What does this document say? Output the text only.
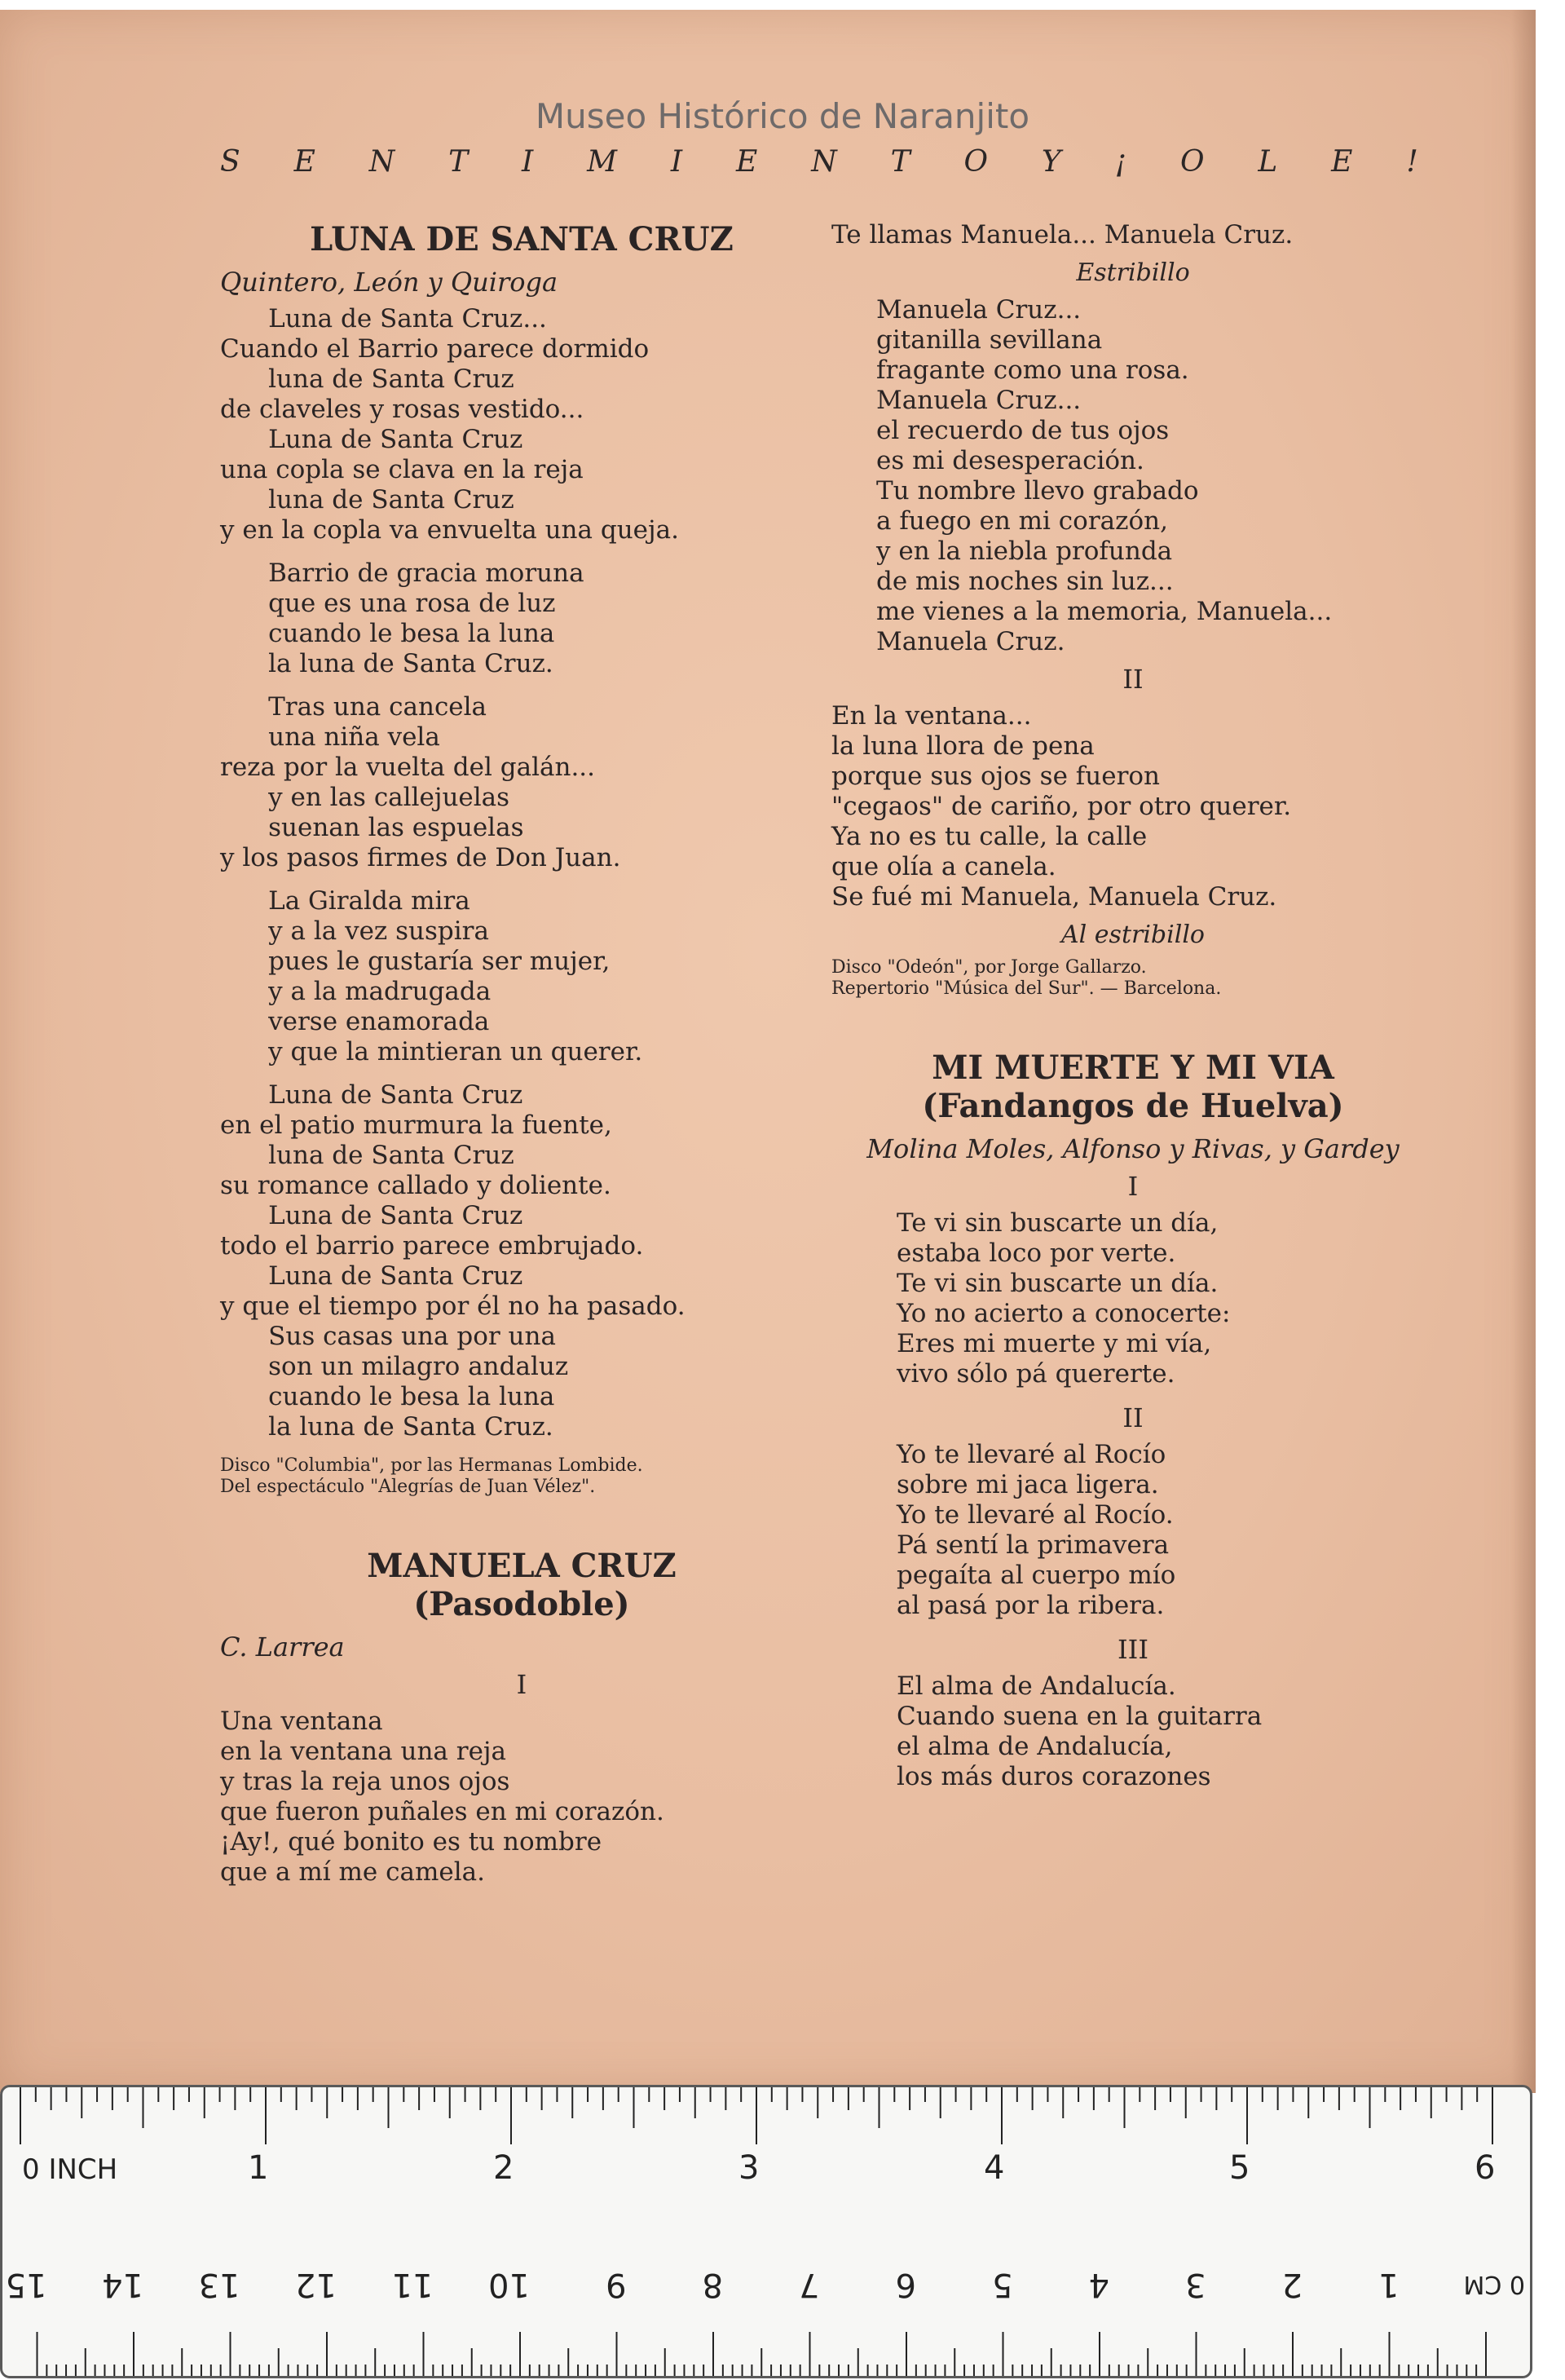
Museo Histórico de Naranjito
S E N T I M I E N T O Y ¡ O L E !
LUNA DE SANTA CRUZ
Quintero, León y Quiroga
Luna de Santa Cruz...
Cuando el Barrio parece dormido
luna de Santa Cruz
de claveles y rosas vestido...
Luna de Santa Cruz
una copla se clava en la reja
luna de Santa Cruz
y en la copla va envuelta una queja.
Barrio de gracia moruna
que es una rosa de luz
cuando le besa la luna
la luna de Santa Cruz.
Tras una cancela
una niña vela
reza por la vuelta del galán...
y en las callejuelas
suenan las espuelas
y los pasos firmes de Don Juan.
La Giralda mira
y a la vez suspira
pues le gustaría ser mujer,
y a la madrugada
verse enamorada
y que la mintieran un querer.
Luna de Santa Cruz
en el patio murmura la fuente,
luna de Santa Cruz
su romance callado y doliente.
Luna de Santa Cruz
todo el barrio parece embrujado.
Luna de Santa Cruz
y que el tiempo por él no ha pasado.
Sus casas una por una
son un milagro andaluz
cuando le besa la luna
la luna de Santa Cruz.
Disco "Columbia", por las Hermanas Lombide.
Del espectáculo "Alegrías de Juan Vélez".
MANUELA CRUZ
(Pasodoble)
C. Larrea
I
Una ventana
en la ventana una reja
y tras la reja unos ojos
que fueron puñales en mi corazón.
¡Ay!, qué bonito es tu nombre
que a mí me camela.
Te llamas Manuela... Manuela Cruz.
Estribillo
Manuela Cruz...
gitanilla sevillana
fragante como una rosa.
Manuela Cruz...
el recuerdo de tus ojos
es mi desesperación.
Tu nombre llevo grabado
a fuego en mi corazón,
y en la niebla profunda
de mis noches sin luz...
me vienes a la memoria, Manuela...
Manuela Cruz.
II
En la ventana...
la luna llora de pena
porque sus ojos se fueron
"cegaos" de cariño, por otro querer.
Ya no es tu calle, la calle
que olía a canela.
Se fué mi Manuela, Manuela Cruz.
Al estribillo
Disco "Odeón", por Jorge Gallarzo.
Repertorio "Música del Sur". — Barcelona.
MI MUERTE Y MI VIA
(Fandangos de Huelva)
Molina Moles, Alfonso y Rivas, y Gardey
I
Te vi sin buscarte un día,
estaba loco por verte.
Te vi sin buscarte un día.
Yo no acierto a conocerte:
Eres mi muerte y mi vía,
vivo sólo pá quererte.
II
Yo te llevaré al Rocío
sobre mi jaca ligera.
Yo te llevaré al Rocío.
Pá sentí la primavera
pegaíta al cuerpo mío
al pasá por la ribera.
III
El alma de Andalucía.
Cuando suena en la guitarra
el alma de Andalucía,
los más duros corazones
0 INCH	1	2	3	4	5	6
0 CM
1
2
3
4
5
6
7
8
9
10
11
12
13
14
15
